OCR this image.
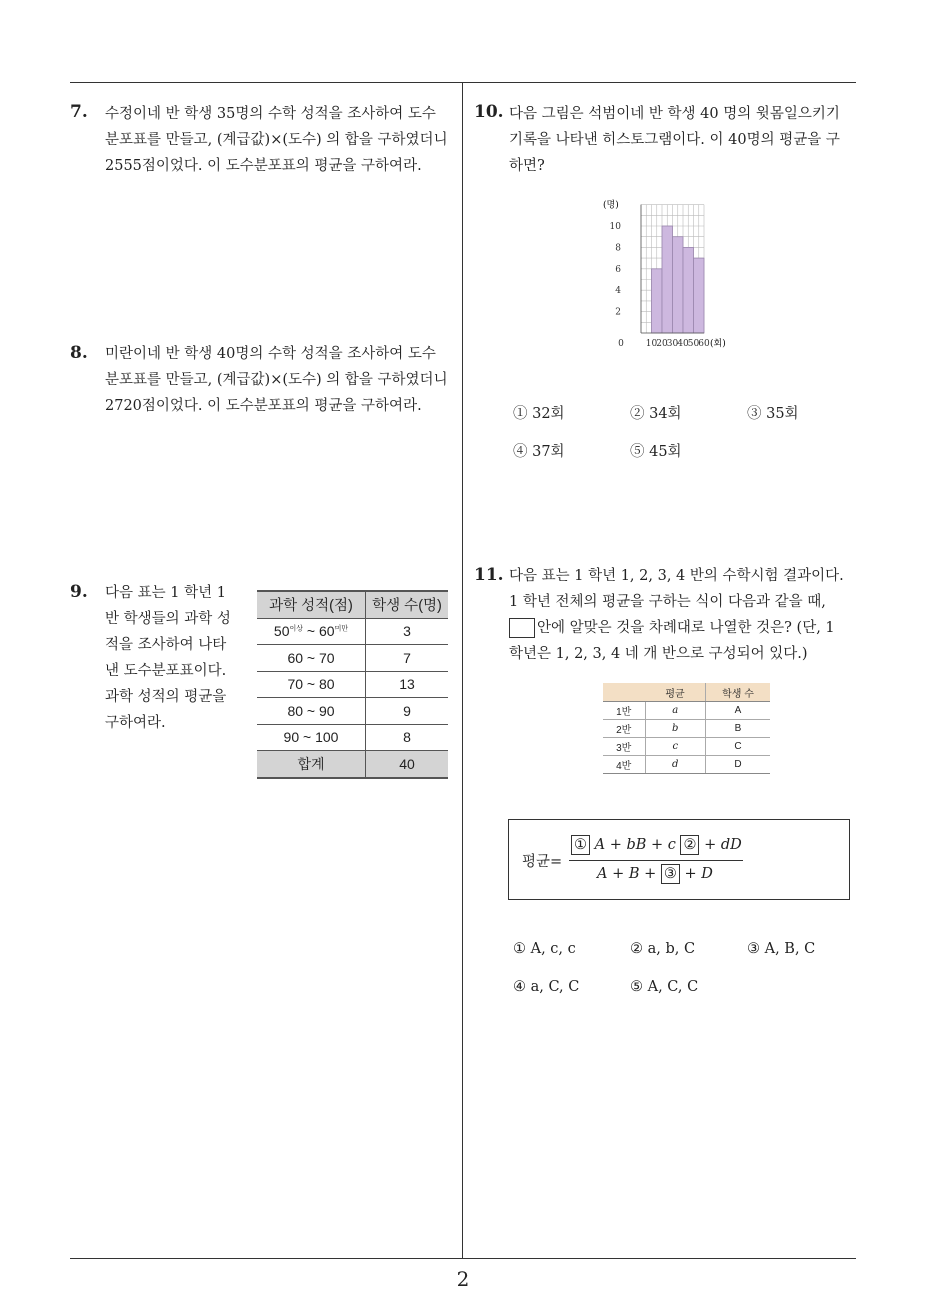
2
7. 수정이네 반 학생 35명의 수학 성적을 조사하여 도수
분포표를 만들고, (계급값)×(도수) 의 합을 구하였더니
2555점이었다. 이 도수분포표의 평균을 구하여라.
8. 미란이네 반 학생 40명의 수학 성적을 조사하여 도수
분포표를 만들고, (계급값)×(도수) 의 합을 구하였더니
2720점이었다. 이 도수분포표의 평균을 구하여라.
9. 다음 표는 1 학년 1
반 학생들의 과학 성
적을 조사하여 나타
낸 도수분포표이다.
과학 성적의 평균을
구하여라.
과학 성적(점)	학생 수(명)
$50^{이상}$ ~ $60^{미만}$	3
60 ~ 70	7
70 ~ 80	13
80 ~ 90	9
90 ~ 100	8
합계	40
10. 다음 그림은 석범이네 반 학생 40 명의 윗몸일으키기
기록을 나타낸 히스토그램이다. 이 40명의 평균을 구
하면?
0 10 20 30 40 50 60
2
4
6
8
10
(명)
(회)
① 32회	② 34회	③ 35회
④ 37회	⑤ 45회
11. 다음 표는 1 학년 1, 2, 3, 4 반의 수학시험 결과이다.
1 학년 전체의 평균을 구하는 식이 다음과 같을 때,
안에 알맞은 것을 차례대로 나열한 것은? (단, 1
학년은 1, 2, 3, 4 네 개 반으로 구성되어 있다.)
	평균	학생 수
1반	a	A
2반	b	B
3반	c	C
4반	d	D
평균=
① A + bB + c ② + dD
A + B + ③ + D
① A, c, c	② a, b, C	③ A, B, C
④ a, C, C	⑤ A, C, C
